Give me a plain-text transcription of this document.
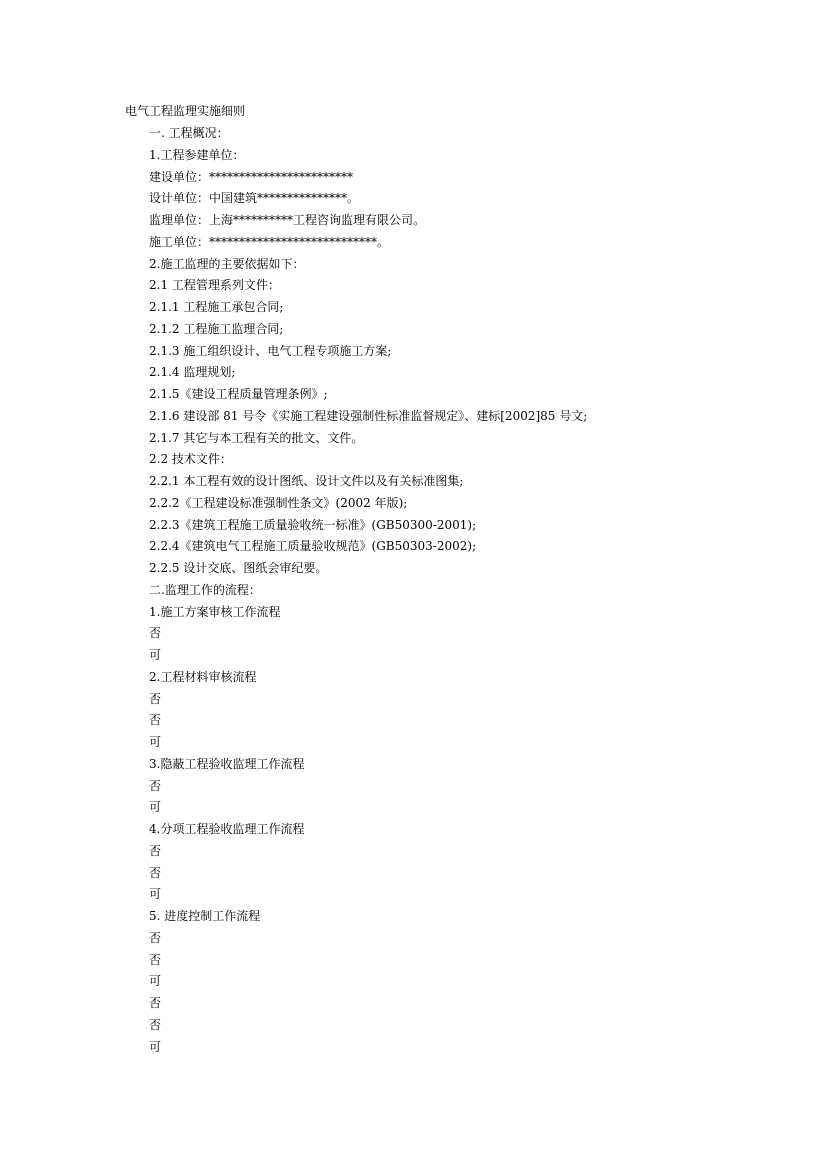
电气工程监理实施细则
一. 工程概况：
1.工程参建单位：
建设单位：************************
设计单位：中国建筑***************。
监理单位：上海**********工程咨询监理有限公司。
施工单位：****************************。
2.施工监理的主要依据如下：
2.1 工程管理系列文件：
2.1.1 工程施工承包合同;
2.1.2 工程施工监理合同;
2.1.3 施工组织设计、电气工程专项施工方案;
2.1.4 监理规划;
2.1.5《建设工程质量管理条例》;
2.1.6 建设部 81 号令《实施工程建设强制性标准监督规定》、建标[2002]85 号文;
2.1.7 其它与本工程有关的批文、文件。
2.2 技术文件：
2.2.1 本工程有效的设计图纸、设计文件以及有关标准图集;
2.2.2《工程建设标准强制性条文》(2002 年版);
2.2.3《建筑工程施工质量验收统一标准》(GB50300-2001);
2.2.4《建筑电气工程施工质量验收规范》(GB50303-2002);
2.2.5 设计交底、图纸会审纪要。
二.监理工作的流程：
1.施工方案审核工作流程
否
可
2.工程材料审核流程
否
否
可
3.隐蔽工程验收监理工作流程
否
可
4.分项工程验收监理工作流程
否
否
可
5. 进度控制工作流程
否
否
可
否
否
可
